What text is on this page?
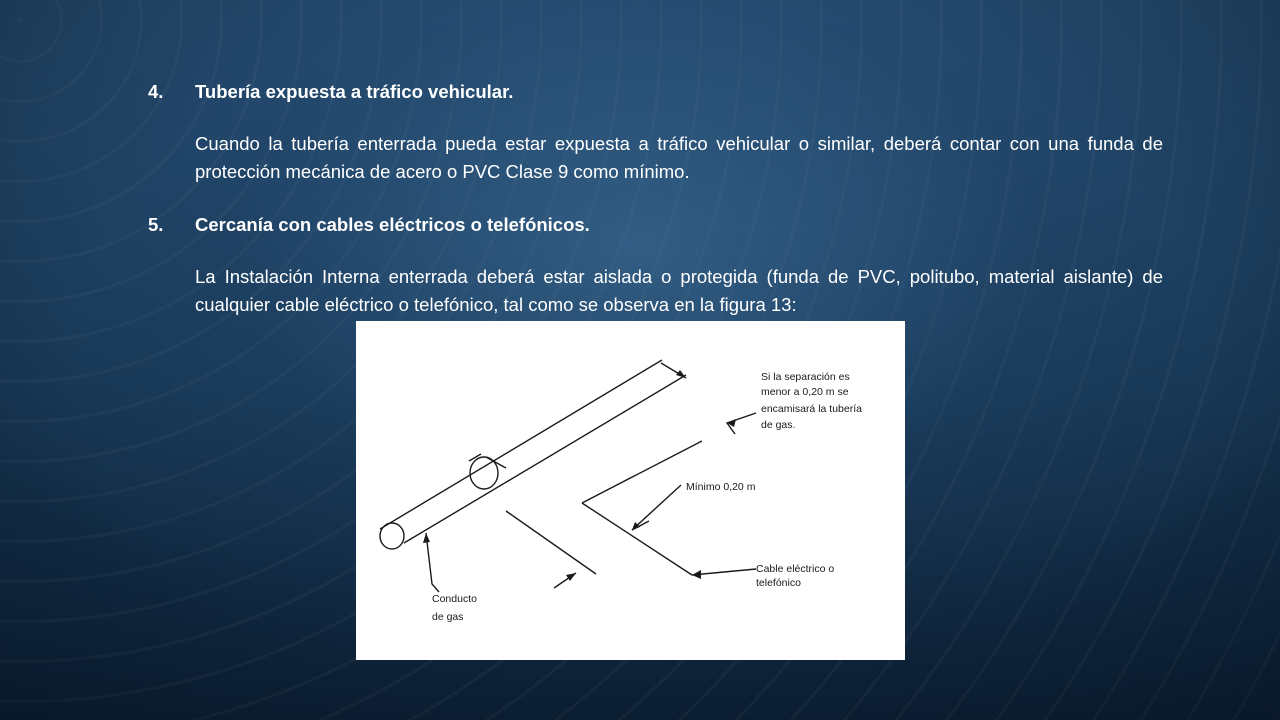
4. Tubería expuesta a tráfico vehicular.
Cuando la tubería enterrada pueda estar expuesta a tráfico vehicular o similar, deberá contar con una funda de protección mecánica de acero o PVC Clase 9 como mínimo.
5. Cercanía con cables eléctricos o telefónicos.
La Instalación Interna enterrada deberá estar aislada o protegida (funda de PVC, politubo, material aislante) de cualquier cable eléctrico o telefónico, tal como se observa en la figura 13:
Si la separación es
menor a 0,20 m se
encamisará la tubería
de gas.
Mínimo 0,20 m
Cable eléctrico o
telefónico
Conducto
de gas
